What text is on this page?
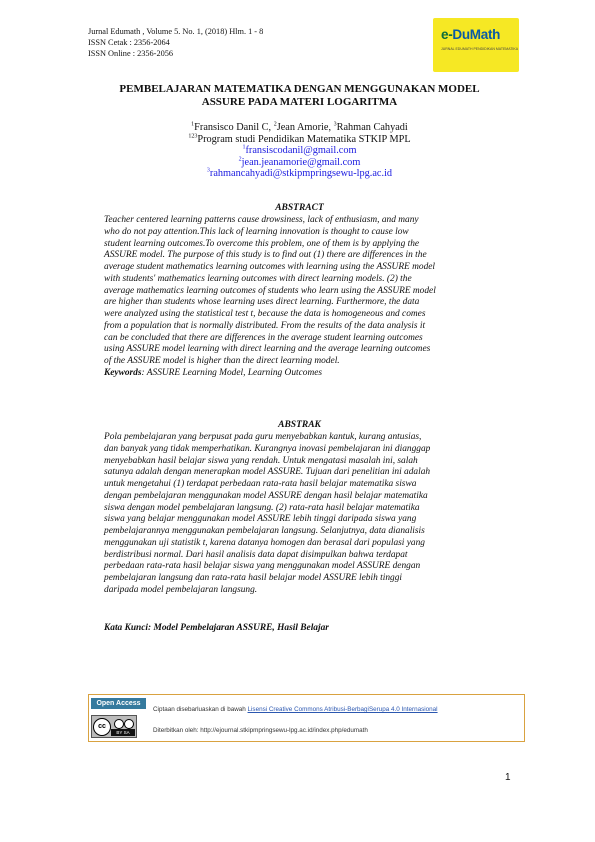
Jurnal Edumath , Volume 5. No. 1, (2018) Hlm. 1 - 8
ISSN Cetak : 2356-2064
ISSN Online : 2356-2056
e-DuMath
JURNAL EDUMATH PENDIDIKAN MATEMATIKA
PEMBELAJARAN MATEMATIKA DENGAN MENGGUNAKAN MODEL
ASSURE PADA MATERI LOGARITMA
$^1$Fransisco Danil C, $^2$Jean Amorie, $^3$Rahman Cahyadi
$^{123}$Program studi Pendidikan Matematika STKIP MPL
$^1$fransiscodanil@gmail.com
$^2$jean.jeanamorie@gmail.com
$^3$rahmancahyadi@stkipmpringsewu-lpg.ac.id
ABSTRACT
Teacher centered learning patterns cause drowsiness, lack of enthusiasm, and many
who do not pay attention.This lack of learning innovation is thought to cause low
student learning outcomes.To overcome this problem, one of them is by applying the
ASSURE model. The purpose of this study is to find out (1) there are differences in the
average student mathematics learning outcomes with learning using the ASSURE model
with students' mathematics learning outcomes with direct learning models. (2) the
average mathematics learning outcomes of students who learn using the ASSURE model
are higher than students whose learning uses direct learning. Furthermore, the data
were analyzed using the statistical test t, because the data is homogeneous and comes
from a population that is normally distributed. From the results of the data analysis it
can be concluded that there are differences in the average student learning outcomes
using ASSURE model learning with direct learning and the average learning outcomes
of the ASSURE model is higher than the direct learning model.
Keywords: ASSURE Learning Model, Learning Outcomes
ABSTRAK
Pola pembelajaran yang berpusat pada guru menyebabkan kantuk, kurang antusias,
dan banyak yang tidak memperhatikan. Kurangnya inovasi pembelajaran ini dianggap
menyebabkan hasil belajar siswa yang rendah. Untuk mengatasi masalah ini, salah
satunya adalah dengan menerapkan model ASSURE. Tujuan dari penelitian ini adalah
untuk mengetahui (1) terdapat perbedaan rata-rata hasil belajar matematika siswa
dengan pembelajaran menggunakan model ASSURE dengan hasil belajar matematika
siswa dengan model pembelajaran langsung. (2) rata-rata hasil belajar matematika
siswa yang belajar menggunakan model ASSURE lebih tinggi daripada siswa yang
pembelajarannya menggunakan pembelajaran langsung. Selanjutnya, data dianalisis
menggunakan uji statistik t, karena datanya homogen dan berasal dari populasi yang
berdistribusi normal. Dari hasil analisis data dapat disimpulkan bahwa terdapat
perbedaan rata-rata hasil belajar siswa yang menggunakan model ASSURE dengan
pembelajaran langsung dan rata-rata hasil belajar model ASSURE lebih tinggi
daripada model pembelajaran langsung.
Kata Kunci: Model Pembelajaran ASSURE, Hasil Belajar
Open Access
cc
BY SA
Ciptaan disebarluaskan di bawah Lisensi Creative Commons Atribusi-BerbagiSerupa 4.0 Internasional
Diterbitkan oleh: http://ejournal.stkipmpringsewu-lpg.ac.id/index.php/edumath
1
